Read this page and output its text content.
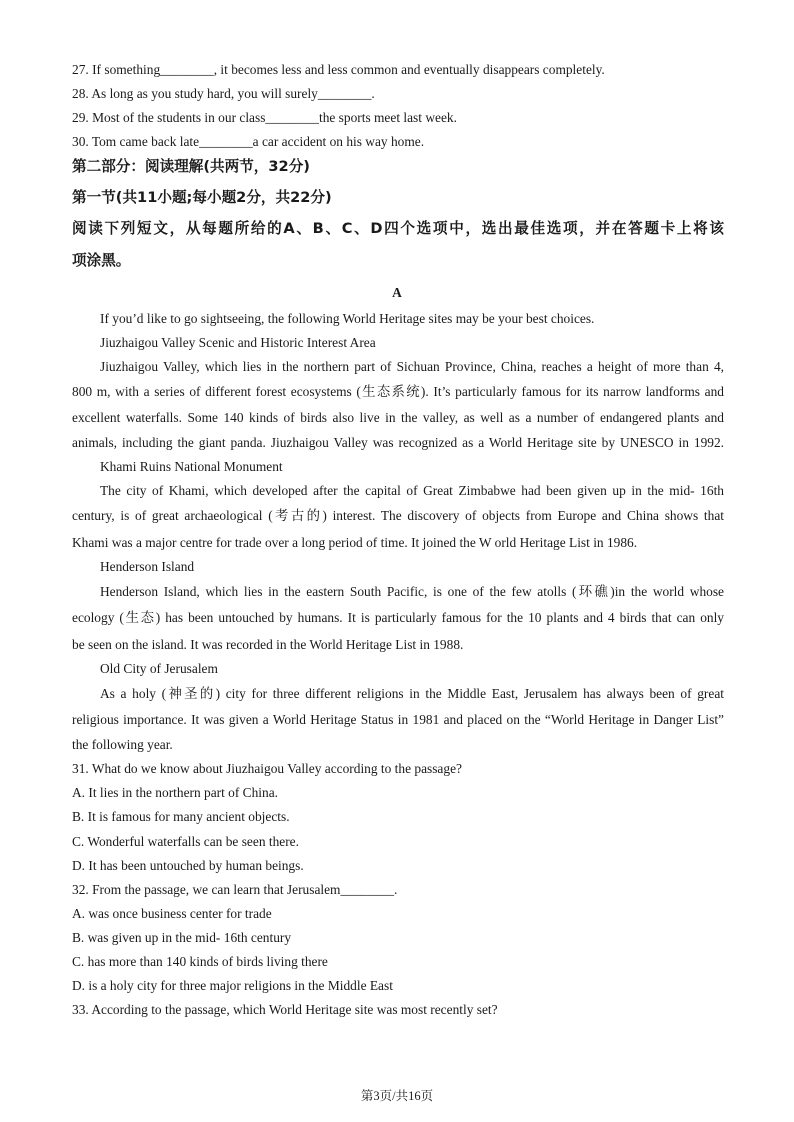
27. If something________, it becomes less and less common and eventually disappears completely.
28. As long as you study hard, you will surely________.
29. Most of the students in our class________the sports meet last week.
30. Tom came back late________a car accident on his way home.
第二部分：阅读理解(共两节，32分)
第一节(共11小题;每小题2分，共22分)
阅读下列短文，从每题所给的A、B、C、D四个选项中，选出最佳选项，并在答题卡上将该
项涂黑。
A
If you’d like to go sightseeing, the following World Heritage sites may be your best choices.
Jiuzhaigou Valley Scenic and Historic Interest Area
Jiuzhaigou Valley, which lies in the northern part of Sichuan Province, China, reaches a height of more than 4,
800 m, with a series of different forest ecosystems (生态系统). It’s particularly famous for its narrow landforms and
excellent waterfalls. Some 140 kinds of birds also live in the valley, as well as a number of endangered plants and
animals, including the giant panda. Jiuzhaigou Valley was recognized as a World Heritage site by UNESCO in 1992.
Khami Ruins National Monument
The city of Khami, which developed after the capital of Great Zimbabwe had been given up in the mid- 16th
century, is of great archaeological (考古的) interest. The discovery of objects from Europe and China shows that
Khami was a major centre for trade over a long period of time. It joined the W orld Heritage List in 1986.
Henderson Island
Henderson Island, which lies in the eastern South Pacific, is one of the few atolls (环礁)in the world whose
ecology (生态) has been untouched by humans. It is particularly famous for the 10 plants and 4 birds that can only
be seen on the island. It was recorded in the World Heritage List in 1988.
Old City of Jerusalem
As a holy (神圣的) city for three different religions in the Middle East, Jerusalem has always been of great
religious importance. It was given a World Heritage Status in 1981 and placed on the “World Heritage in Danger List”
the following year.
31. What do we know about Jiuzhaigou Valley according to the passage?
A. It lies in the northern part of China.
B. It is famous for many ancient objects.
C. Wonderful waterfalls can be seen there.
D. It has been untouched by human beings.
32. From the passage, we can learn that Jerusalem________.
A. was once business center for trade
B. was given up in the mid- 16th century
C. has more than 140 kinds of birds living there
D. is a holy city for three major religions in the Middle East
33. According to the passage, which World Heritage site was most recently set?
第3页/共16页
